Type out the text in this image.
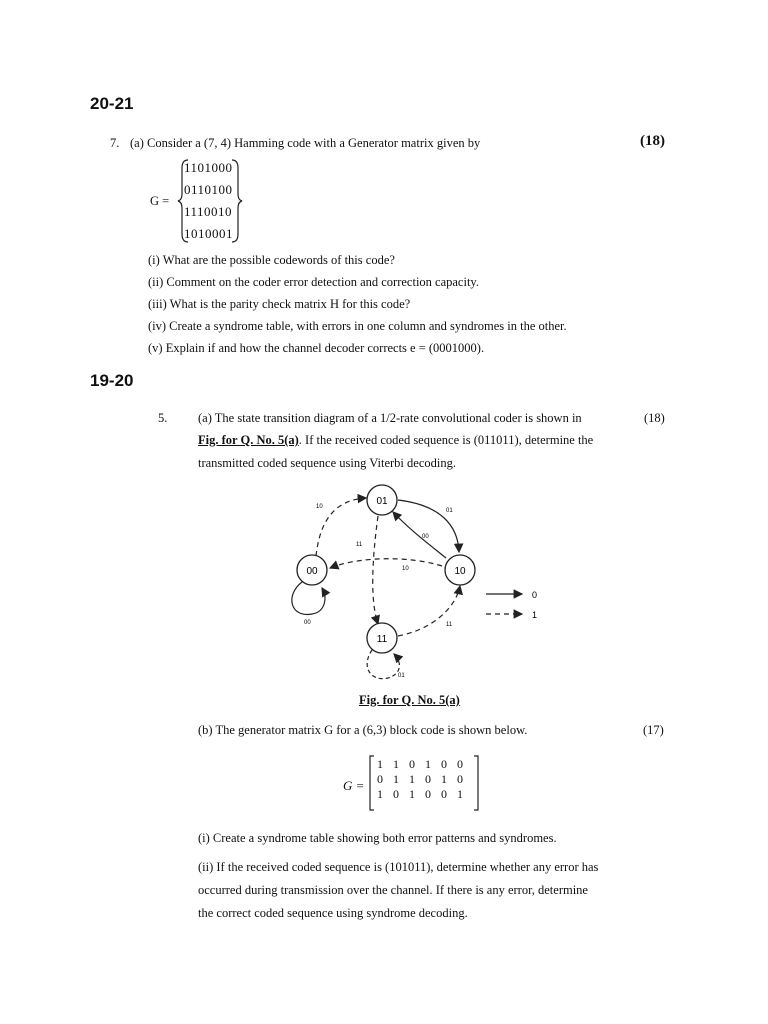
20-21
7. (a) Consider a (7, 4) Hamming code with a Generator matrix given by	(18)
G =
1101000
0110100
1110010
1010001
(i) What are the possible codewords of this code?
(ii) Comment on the coder error detection and correction capacity.
(iii) What is the parity check matrix H for this code?
(iv) Create a syndrome table, with errors in one column and syndromes in the other.
(v) Explain if and how the channel decoder corrects e = (0001000).
19-20
5. (a) The state transition diagram of a 1/2-rate convolutional coder is shown in	(18)
Fig. for Q. No. 5(a). If the received coded sequence is (011011), determine the
transmitted coded sequence using Viterbi decoding.
01
00	10
11
10
01
00
11
10
00	11
01
0
1
Fig. for Q. No. 5(a)
(b) The generator matrix G for a (6,3) block code is shown below.	(17)
G =
1	1	0	1	0	0
0	1	1	0	1	0
1	0	1	0	0	1
(i) Create a syndrome table showing both error patterns and syndromes.
(ii) If the received coded sequence is (101011), determine whether any error has
occurred during transmission over the channel. If there is any error, determine
the correct coded sequence using syndrome decoding.
